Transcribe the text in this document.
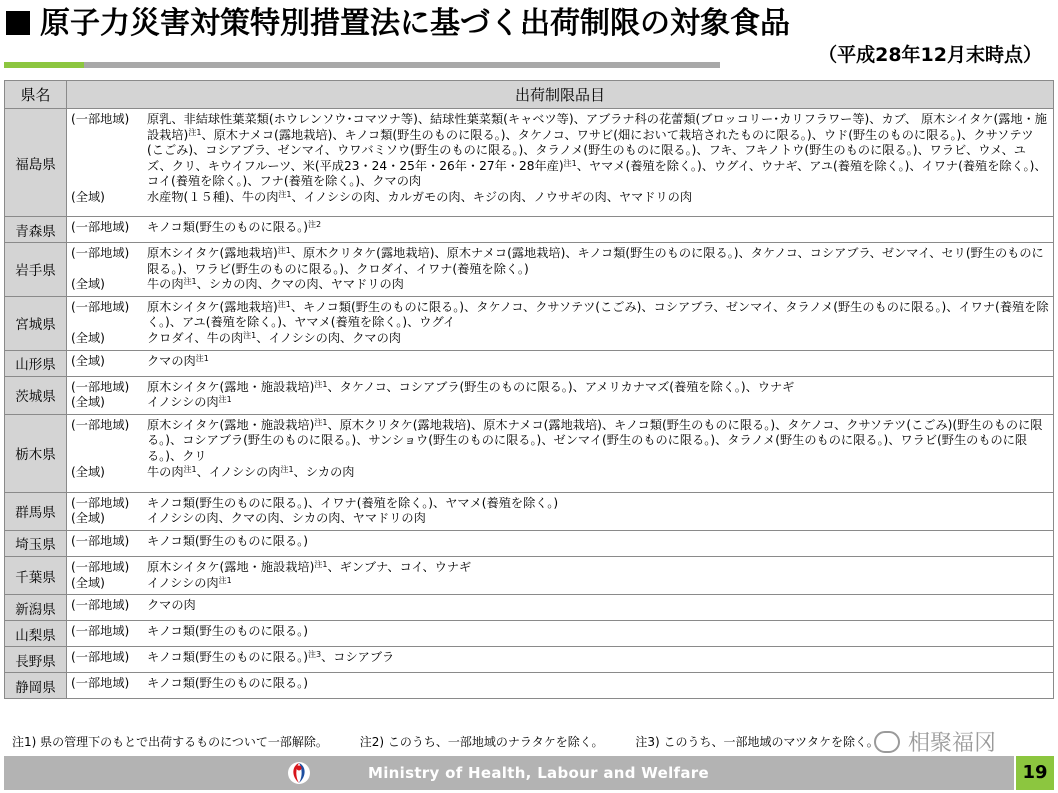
原子力災害対策特別措置法に基づく出荷制限の対象食品
（平成28年12月末時点）
県名	出荷制限品目
福島県	(一部地域) 原乳、非結球性葉菜類(ホウレンソウ･コマツナ等)、結球性葉菜類(キャベツ等)、アブラナ科の花蕾類(ブロッコリー･カリフラワー等)、カブ、 原木シイタケ(露地・施設栽培)$^{注1}$、原木ナメコ(露地栽培)、キノコ類(野生のものに限る。)、タケノコ、ワサビ(畑において栽培されたものに限る。)、ウド(野生のものに限る。)、クサソテツ(こごみ)、コシアブラ、ゼンマイ、ウワバミソウ(野生のものに限る。)、タラノメ(野生のものに限る。)、フキ、フキノトウ(野生のものに限る。)、ワラビ、ウメ、ユズ、クリ、キウイフルーツ、米(平成23・24・25年・26年・27年・28年産)$^{注1}$、ヤマメ(養殖を除く。)、ウグイ、ウナギ、アユ(養殖を除く。)、イワナ(養殖を除く。)、コイ(養殖を除く。)、フナ(養殖を除く。)、クマの肉
(全域) 水産物(１５種)、牛の肉$^{注1}$、イノシシの肉、カルガモの肉、キジの肉、ノウサギの肉、ヤマドリの肉

青森県	(一部地域) キノコ類(野生のものに限る。)$^{注2}$

岩手県	(一部地域) 原木シイタケ(露地栽培)$^{注1}$、原木クリタケ(露地栽培)、原木ナメコ(露地栽培)、キノコ類(野生のものに限る。)、タケノコ、コシアブラ、ゼンマイ、セリ(野生のものに限る。)、ワラビ(野生のものに限る。)、クロダイ、イワナ(養殖を除く。)
(全域) 牛の肉$^{注1}$、シカの肉、クマの肉、ヤマドリの肉

宮城県	(一部地域) 原木シイタケ(露地栽培)$^{注1}$、キノコ類(野生のものに限る。)、タケノコ、クサソテツ(こごみ)、コシアブラ、ゼンマイ、タラノメ(野生のものに限る。)、イワナ(養殖を除く。)、アユ(養殖を除く。)、ヤマメ(養殖を除く。)、ウグイ
(全域) クロダイ、牛の肉$^{注1}$、イノシシの肉、クマの肉

山形県	(全域) クマの肉$^{注1}$

茨城県	(一部地域) 原木シイタケ(露地・施設栽培)$^{注1}$、タケノコ、コシアブラ(野生のものに限る。)、アメリカナマズ(養殖を除く。)、ウナギ
(全域) イノシシの肉$^{注1}$

栃木県	(一部地域) 原木シイタケ(露地・施設栽培)$^{注1}$、原木クリタケ(露地栽培)、原木ナメコ(露地栽培)、キノコ類(野生のものに限る。)、タケノコ、クサソテツ(こごみ)(野生のものに限る。)、コシアブラ(野生のものに限る。)、サンショウ(野生のものに限る。)、ゼンマイ(野生のものに限る。)、タラノメ(野生のものに限る。)、ワラビ(野生のものに限る。)、クリ
(全域) 牛の肉$^{注1}$、イノシシの肉$^{注1}$、シカの肉

群馬県	(一部地域) キノコ類(野生のものに限る。)、イワナ(養殖を除く。)、ヤマメ(養殖を除く。)
(全域) イノシシの肉、クマの肉、シカの肉、ヤマドリの肉

埼玉県	(一部地域) キノコ類(野生のものに限る。)

千葉県	(一部地域) 原木シイタケ(露地・施設栽培)$^{注1}$、ギンブナ、コイ、ウナギ
(全域) イノシシの肉$^{注1}$

新潟県	(一部地域) クマの肉

山梨県	(一部地域) キノコ類(野生のものに限る。)

長野県	(一部地域) キノコ類(野生のものに限る。)$^{注3}$、コシアブラ

静岡県	(一部地域) キノコ類(野生のものに限る。)
注1) 県の管理下のもとで出荷するものについて一部解除。	注2) このうち、一部地域のナラタケを除く。	注3) このうち、一部地域のマツタケを除く。
Ministry of Health, Labour and Welfare
相聚福冈
19
